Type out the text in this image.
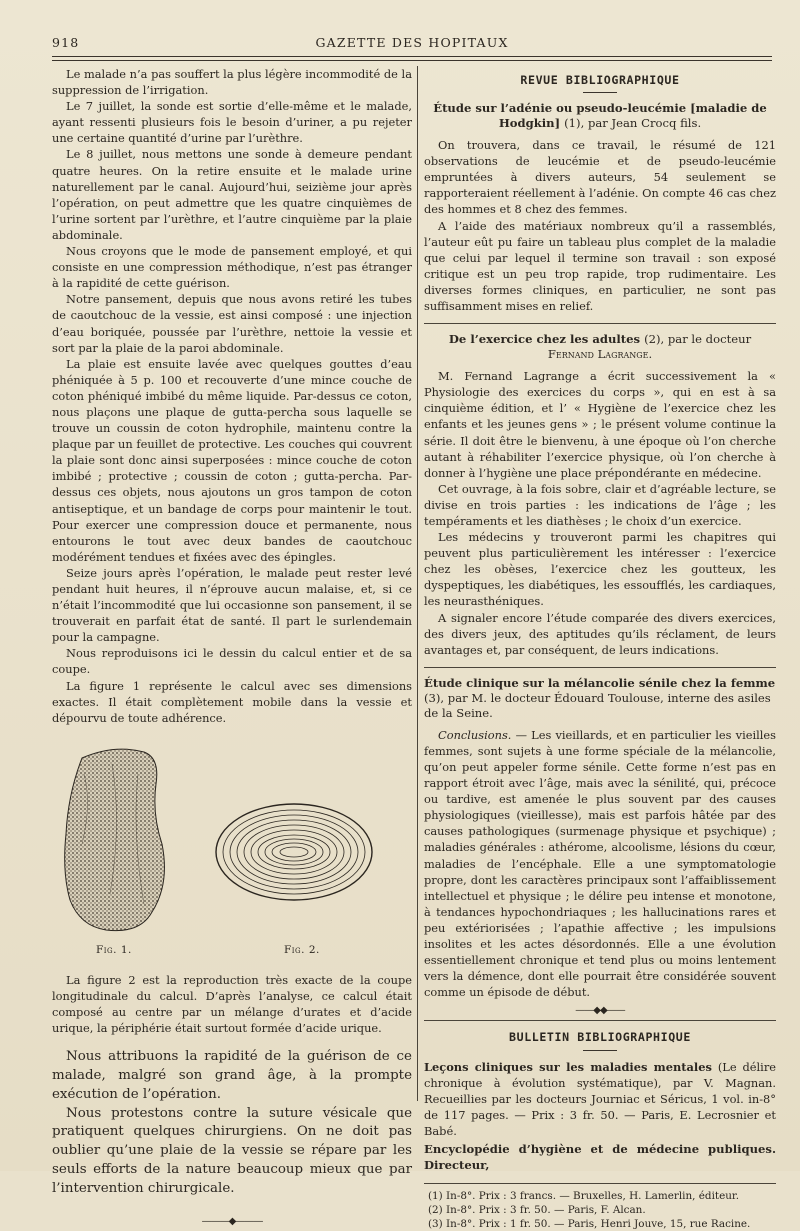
918	GAZETTE DES HOPITAUX

Le malade n’a pas souffert la plus légère incommodité de la suppression de l’irrigation.

Le 7 juillet, la sonde est sortie d’elle-même et le malade, ayant ressenti plusieurs fois le besoin d’uriner, a pu rejeter une certaine quantité d’urine par l’urèthre.

Le 8 juillet, nous mettons une sonde à demeure pendant quatre heures. On la retire ensuite et le malade urine naturellement par le canal. Aujourd’hui, seizième jour après l’opération, on peut admettre que les quatre cinquièmes de l’urine sortent par l’urèthre, et l’autre cinquième par la plaie abdominale.

Nous croyons que le mode de pansement employé, et qui consiste en une compression méthodique, n’est pas étranger à la rapidité de cette guérison.

Notre pansement, depuis que nous avons retiré les tubes de caoutchouc de la vessie, est ainsi composé : une injection d’eau boriquée, poussée par l’urèthre, nettoie la vessie et sort par la plaie de la paroi abdominale.

La plaie est ensuite lavée avec quelques gouttes d’eau phéniquée à 5 p. 100 et recouverte d’une mince couche de coton phéniqué imbibé du même liquide. Par-dessus ce coton, nous plaçons une plaque de gutta-percha sous laquelle se trouve un coussin de coton hydrophile, maintenu contre la plaque par un feuillet de protective. Les couches qui couvrent la plaie sont donc ainsi superposées : mince couche de coton imbibé ; protective ; coussin de coton ; gutta-percha. Par-dessus ces objets, nous ajoutons un gros tampon de coton antiseptique, et un bandage de corps pour maintenir le tout. Pour exercer une compression douce et permanente, nous entourons le tout avec deux bandes de caoutchouc modérément tendues et fixées avec des épingles.

Seize jours après l’opération, le malade peut rester levé pendant huit heures, il n’éprouve aucun malaise, et, si ce n’était l’incommodité que lui occasionne son pansement, il se trouverait en parfait état de santé. Il part le surlendemain pour la campagne.

Nous reproduisons ici le dessin du calcul entier et de sa coupe.

La figure 1 représente le calcul avec ses dimensions exactes. Il était complètement mobile dans la vessie et dépourvu de toute adhérence.

Fig. 1.	Fig. 2.

La figure 2 est la reproduction très exacte de la coupe longitudinale du calcul. D’après l’analyse, ce calcul était composé au centre par un mélange d’urates et d’acide urique, la périphérie était surtout formée d’acide urique.

Nous attribuons la rapidité de la guérison de ce malade, malgré son grand âge, à la prompte exécution de l’opération.

Nous protestons contre la suture vésicale que pratiquent quelques chirurgiens. On ne doit pas oublier qu’une plaie de la vessie se répare par les seuls efforts de la nature beaucoup mieux que par l’intervention chirurgicale.

———◆———
REVUE BIBLIOGRAPHIQUE
Étude sur l’adénie ou pseudo-leucémie [maladie de Hodgkin] (1), par Jean Crocq fils.

On trouvera, dans ce travail, le résumé de 121 observations de leucémie et de pseudo-leucémie empruntées à divers auteurs, 54 seulement se rapporteraient réellement à l’adénie. On compte 46 cas chez des hommes et 8 chez des femmes.

A l’aide des matériaux nombreux qu’il a rassemblés, l’auteur eût pu faire un tableau plus complet de la maladie que celui par lequel il termine son travail : son exposé critique est un peu trop rapide, trop rudimentaire. Les diverses formes cliniques, en particulier, ne sont pas suffisamment mises en relief.

De l’exercice chez les adultes (2), par le docteur
Fernand Lagrange.

M. Fernand Lagrange a écrit successivement la « Physiologie des exercices du corps », qui en est à sa cinquième édition, et l’ « Hygiène de l’exercice chez les enfants et les jeunes gens » ; le présent volume continue la série. Il doit être le bienvenu, à une époque où l’on cherche autant à réhabiliter l’exercice physique, où l’on cherche à donner à l’hygiène une place prépondérante en médecine.

Cet ouvrage, à la fois sobre, clair et d’agréable lecture, se divise en trois parties : les indications de l’âge ; les tempéraments et les diathèses ; le choix d’un exercice.

Les médecins y trouveront parmi les chapitres qui peuvent plus particulièrement les intéresser : l’exercice chez les obèses, l’exercice chez les goutteux, les dyspeptiques, les diabétiques, les essoufflés, les cardiaques, les neurasthéniques.

A signaler encore l’étude comparée des divers exercices, des divers jeux, des aptitudes qu’ils réclament, de leurs avantages et, par conséquent, de leurs indications.

Étude clinique sur la mélancolie sénile chez la femme (3), par M. le docteur Édouard Toulouse, interne des asiles de la Seine.

Conclusions. — Les vieillards, et en particulier les vieilles femmes, sont sujets à une forme spéciale de la mélancolie, qu’on peut appeler forme sénile. Cette forme n’est pas en rapport étroit avec l’âge, mais avec la sénilité, qui, précoce ou tardive, est amenée le plus souvent par des causes physiologiques (vieillesse), mais est parfois hâtée par des causes pathologiques (surmenage physique et psychique) ; maladies générales : athérome, alcoolisme, lésions du cœur, maladies de l’encéphale. Elle a une symptomatologie propre, dont les caractères principaux sont l’affaiblissement intellectuel et physique ; le délire peu intense et monotone, à tendances hypochondriaques ; les hallucinations rares et peu extériorisées ; l’apathie affective ; les impulsions insolites et les actes désordonnés. Elle a une évolution essentiellement chronique et tend plus ou moins lentement vers la démence, dont elle pourrait être considérée souvent comme un épisode de début.

——◆◆——
BULLETIN BIBLIOGRAPHIQUE

Leçons cliniques sur les maladies mentales (Le délire chronique à évolution systématique), par V. Magnan. Recueillies par les docteurs Journiac et Séricus, 1 vol. in-8° de 117 pages. — Prix : 3 fr. 50. — Paris, E. Lecrosnier et Babé.

Encyclopédie d’hygiène et de médecine publiques. Directeur,
(1) In-8°. Prix : 3 francs. — Bruxelles, H. Lamerlin, éditeur.
(2) In-8°. Prix : 3 fr. 50. — Paris, F. Alcan.
(3) In-8°. Prix : 1 fr. 50. — Paris, Henri Jouve, 15, rue Racine.
